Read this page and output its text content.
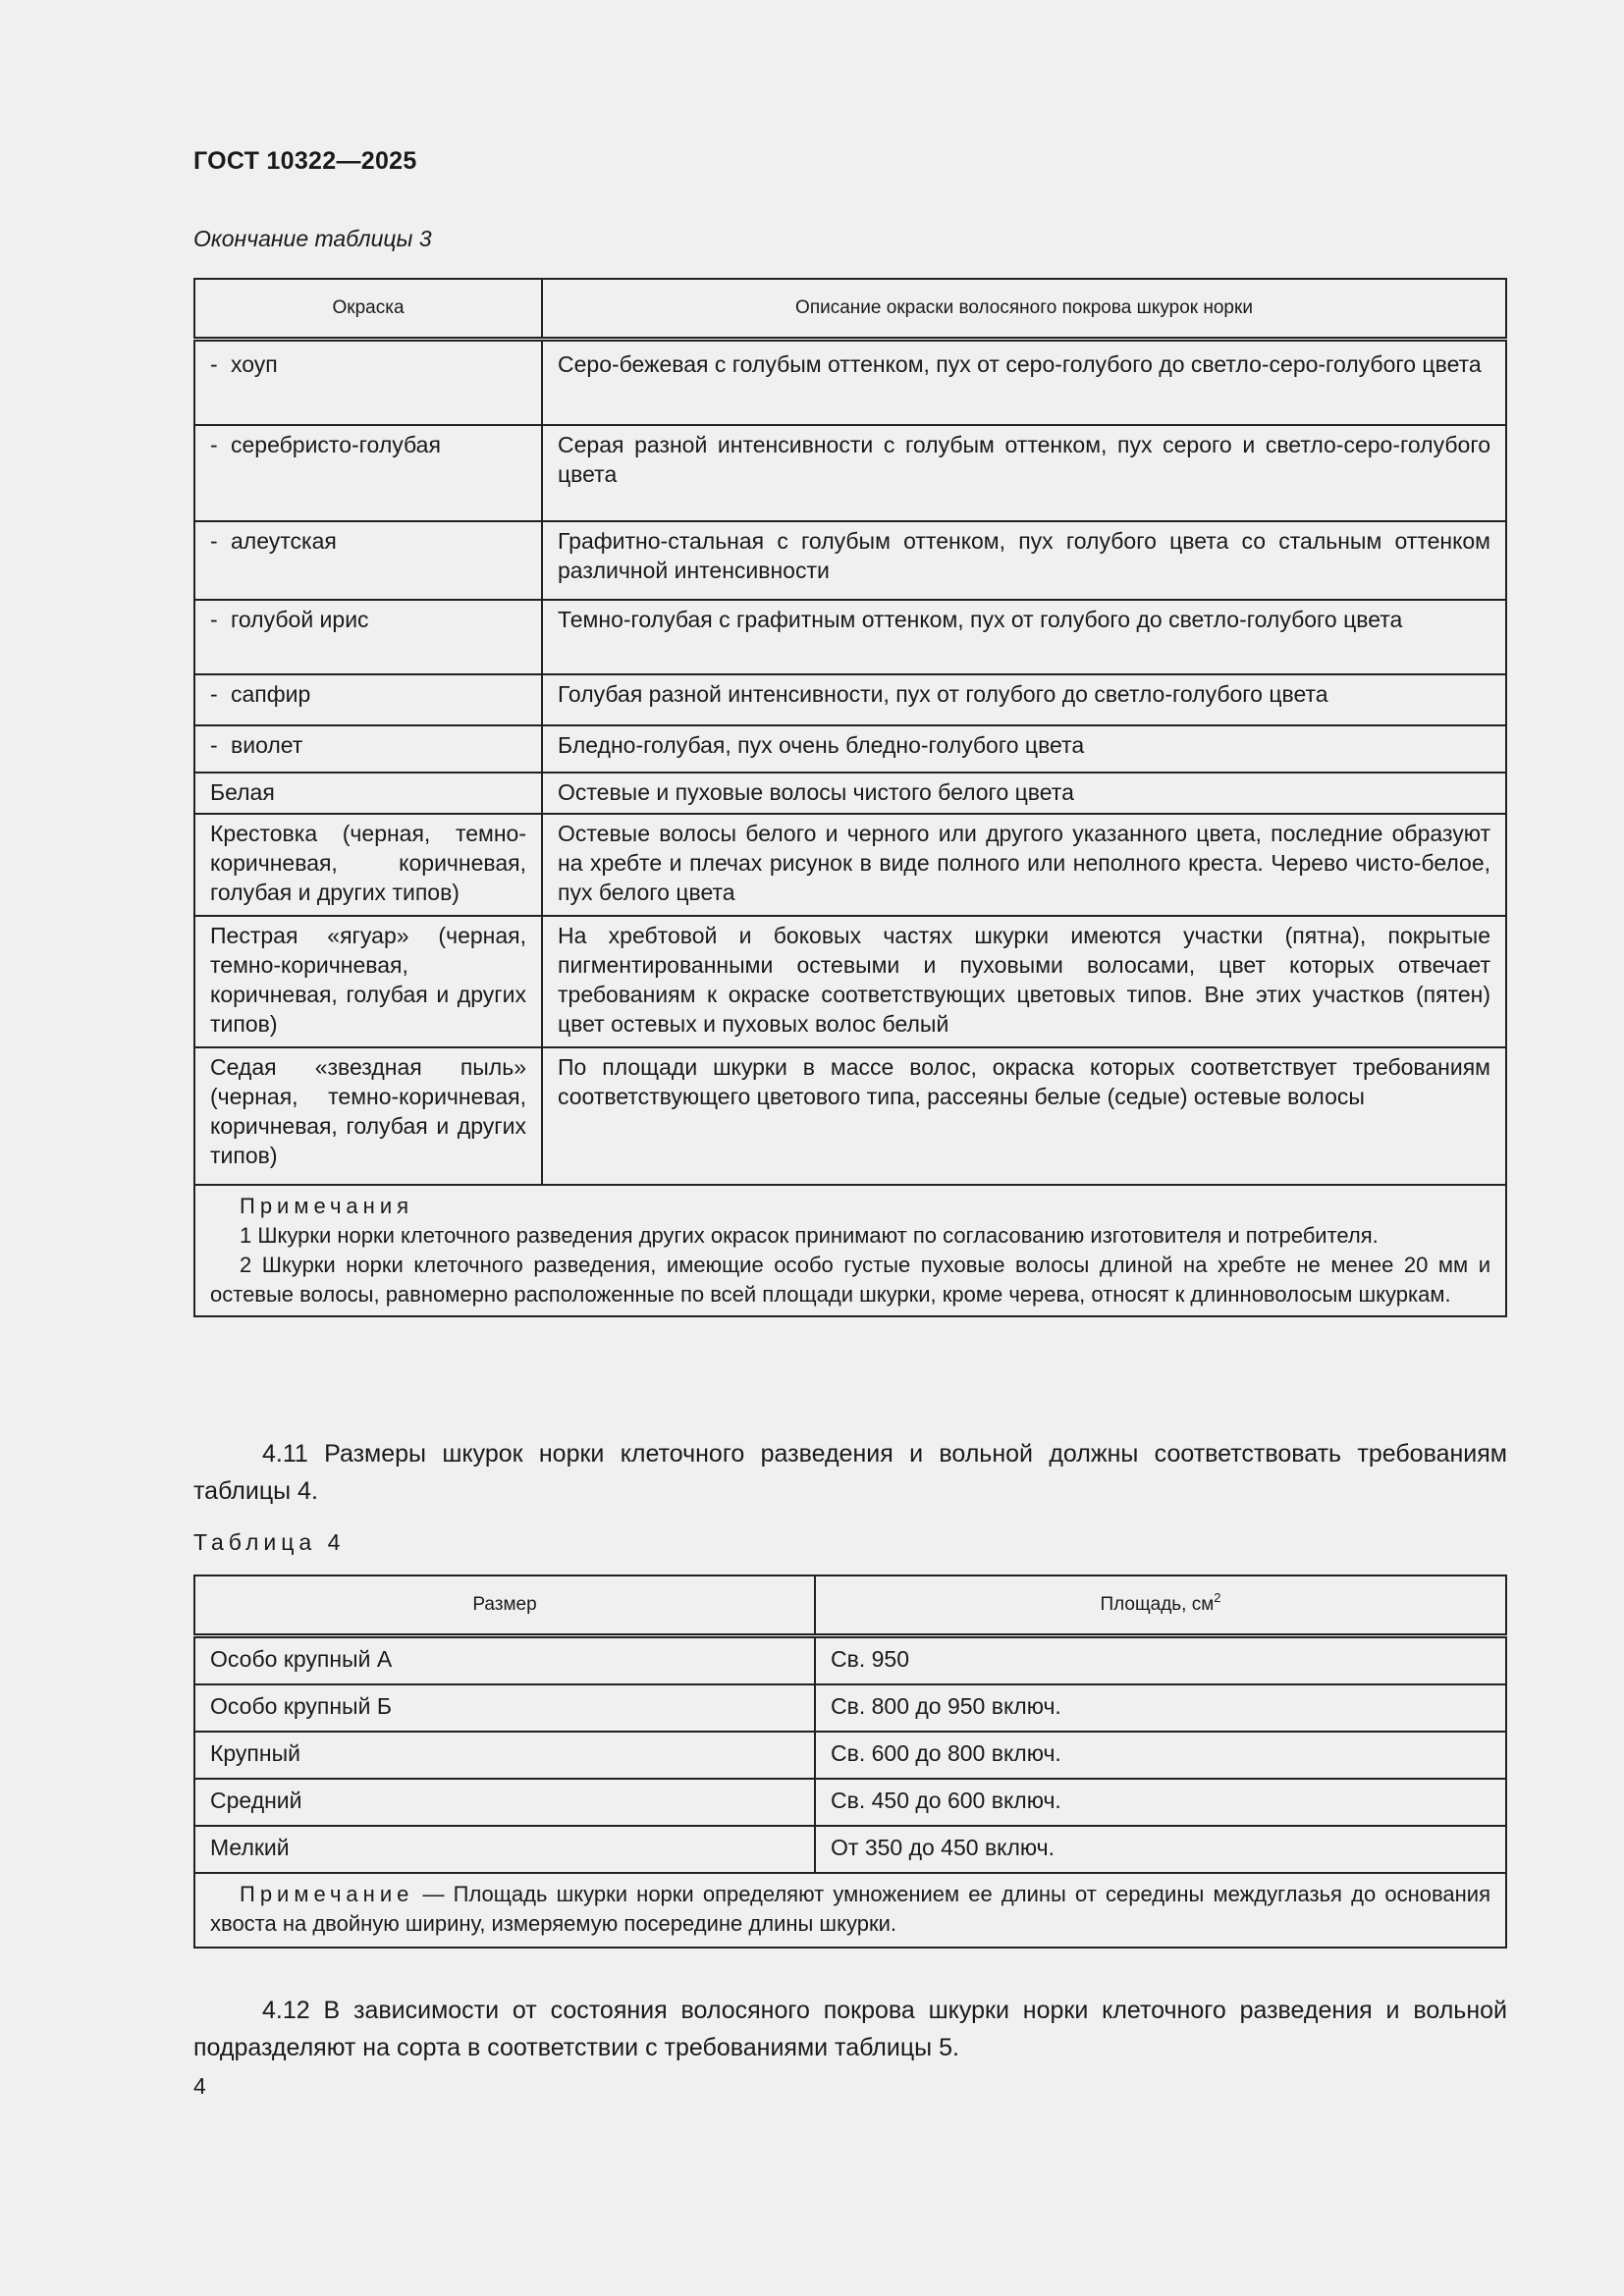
ГОСТ 10322—2025
Окончание таблицы 3
Окраска	Описание окраски волосяного покрова шкурок норки
- хоуп	Серо-бежевая с голубым оттенком, пух от серо-голубого до светло-серо-голубого цвета
- серебристо-голубая	Серая разной интенсивности с голубым оттенком, пух серого и светло-серо-голубого цвета
- алеутская	Графитно-стальная с голубым оттенком, пух голубого цвета со стальным оттенком различной интенсивности
- голубой ирис	Темно-голубая с графитным оттенком, пух от голубого до светло-голубого цвета
- сапфир	Голубая разной интенсивности, пух от голубого до светло-голубого цвета
- виолет	Бледно-голубая, пух очень бледно-голубого цвета
Белая	Остевые и пуховые волосы чистого белого цвета
Крестовка (черная, темно-коричневая, коричневая, голубая и других типов)	Остевые волосы белого и черного или другого указанного цвета, последние образуют на хребте и плечах рисунок в виде полного или неполного креста. Черево чисто-белое, пух белого цвета
Пестрая «ягуар» (черная, темно-коричневая, коричневая, голубая и других типов)	На хребтовой и боковых частях шкурки имеются участки (пятна), покрытые пигментированными остевыми и пуховыми волосами, цвет которых отвечает требованиям к окраске соответствующих цветовых типов. Вне этих участков (пятен) цвет остевых и пуховых волос белый
Седая «звездная пыль» (черная, темно-коричневая, коричневая, голубая и других типов)	По площади шкурки в массе волос, окраска которых соответствует требованиям соответствующего цветового типа, рассеяны белые (седые) остевые волосы

Примечания
1 Шкурки норки клеточного разведения других окрасок принимают по согласованию изготовителя и потребителя.
2 Шкурки норки клеточного разведения, имеющие особо густые пуховые волосы длиной на хребте не менее 20 мм и остевые волосы, равномерно расположенные по всей площади шкурки, кроме черева, относят к длинноволосым шкуркам.	
4.11 Размеры шкурок норки клеточного разведения и вольной должны соответствовать требованиям таблицы 4.
Таблица 4
Размер	Площадь, $см^2$
Особо крупный А	Св. 950
Особо крупный Б	Св. 800 до 950 включ.
Крупный	Св. 600 до 800 включ.
Средний	Св. 450 до 600 включ.
Мелкий	От 350 до 450 включ.

Примечание — Площадь шкурки норки определяют умножением ее длины от середины междуглазья до основания хвоста на двойную ширину, измеряемую посередине длины шкурки.	
4.12 В зависимости от состояния волосяного покрова шкурки норки клеточного разведения и вольной подразделяют на сорта в соответствии с требованиями таблицы 5.
4
